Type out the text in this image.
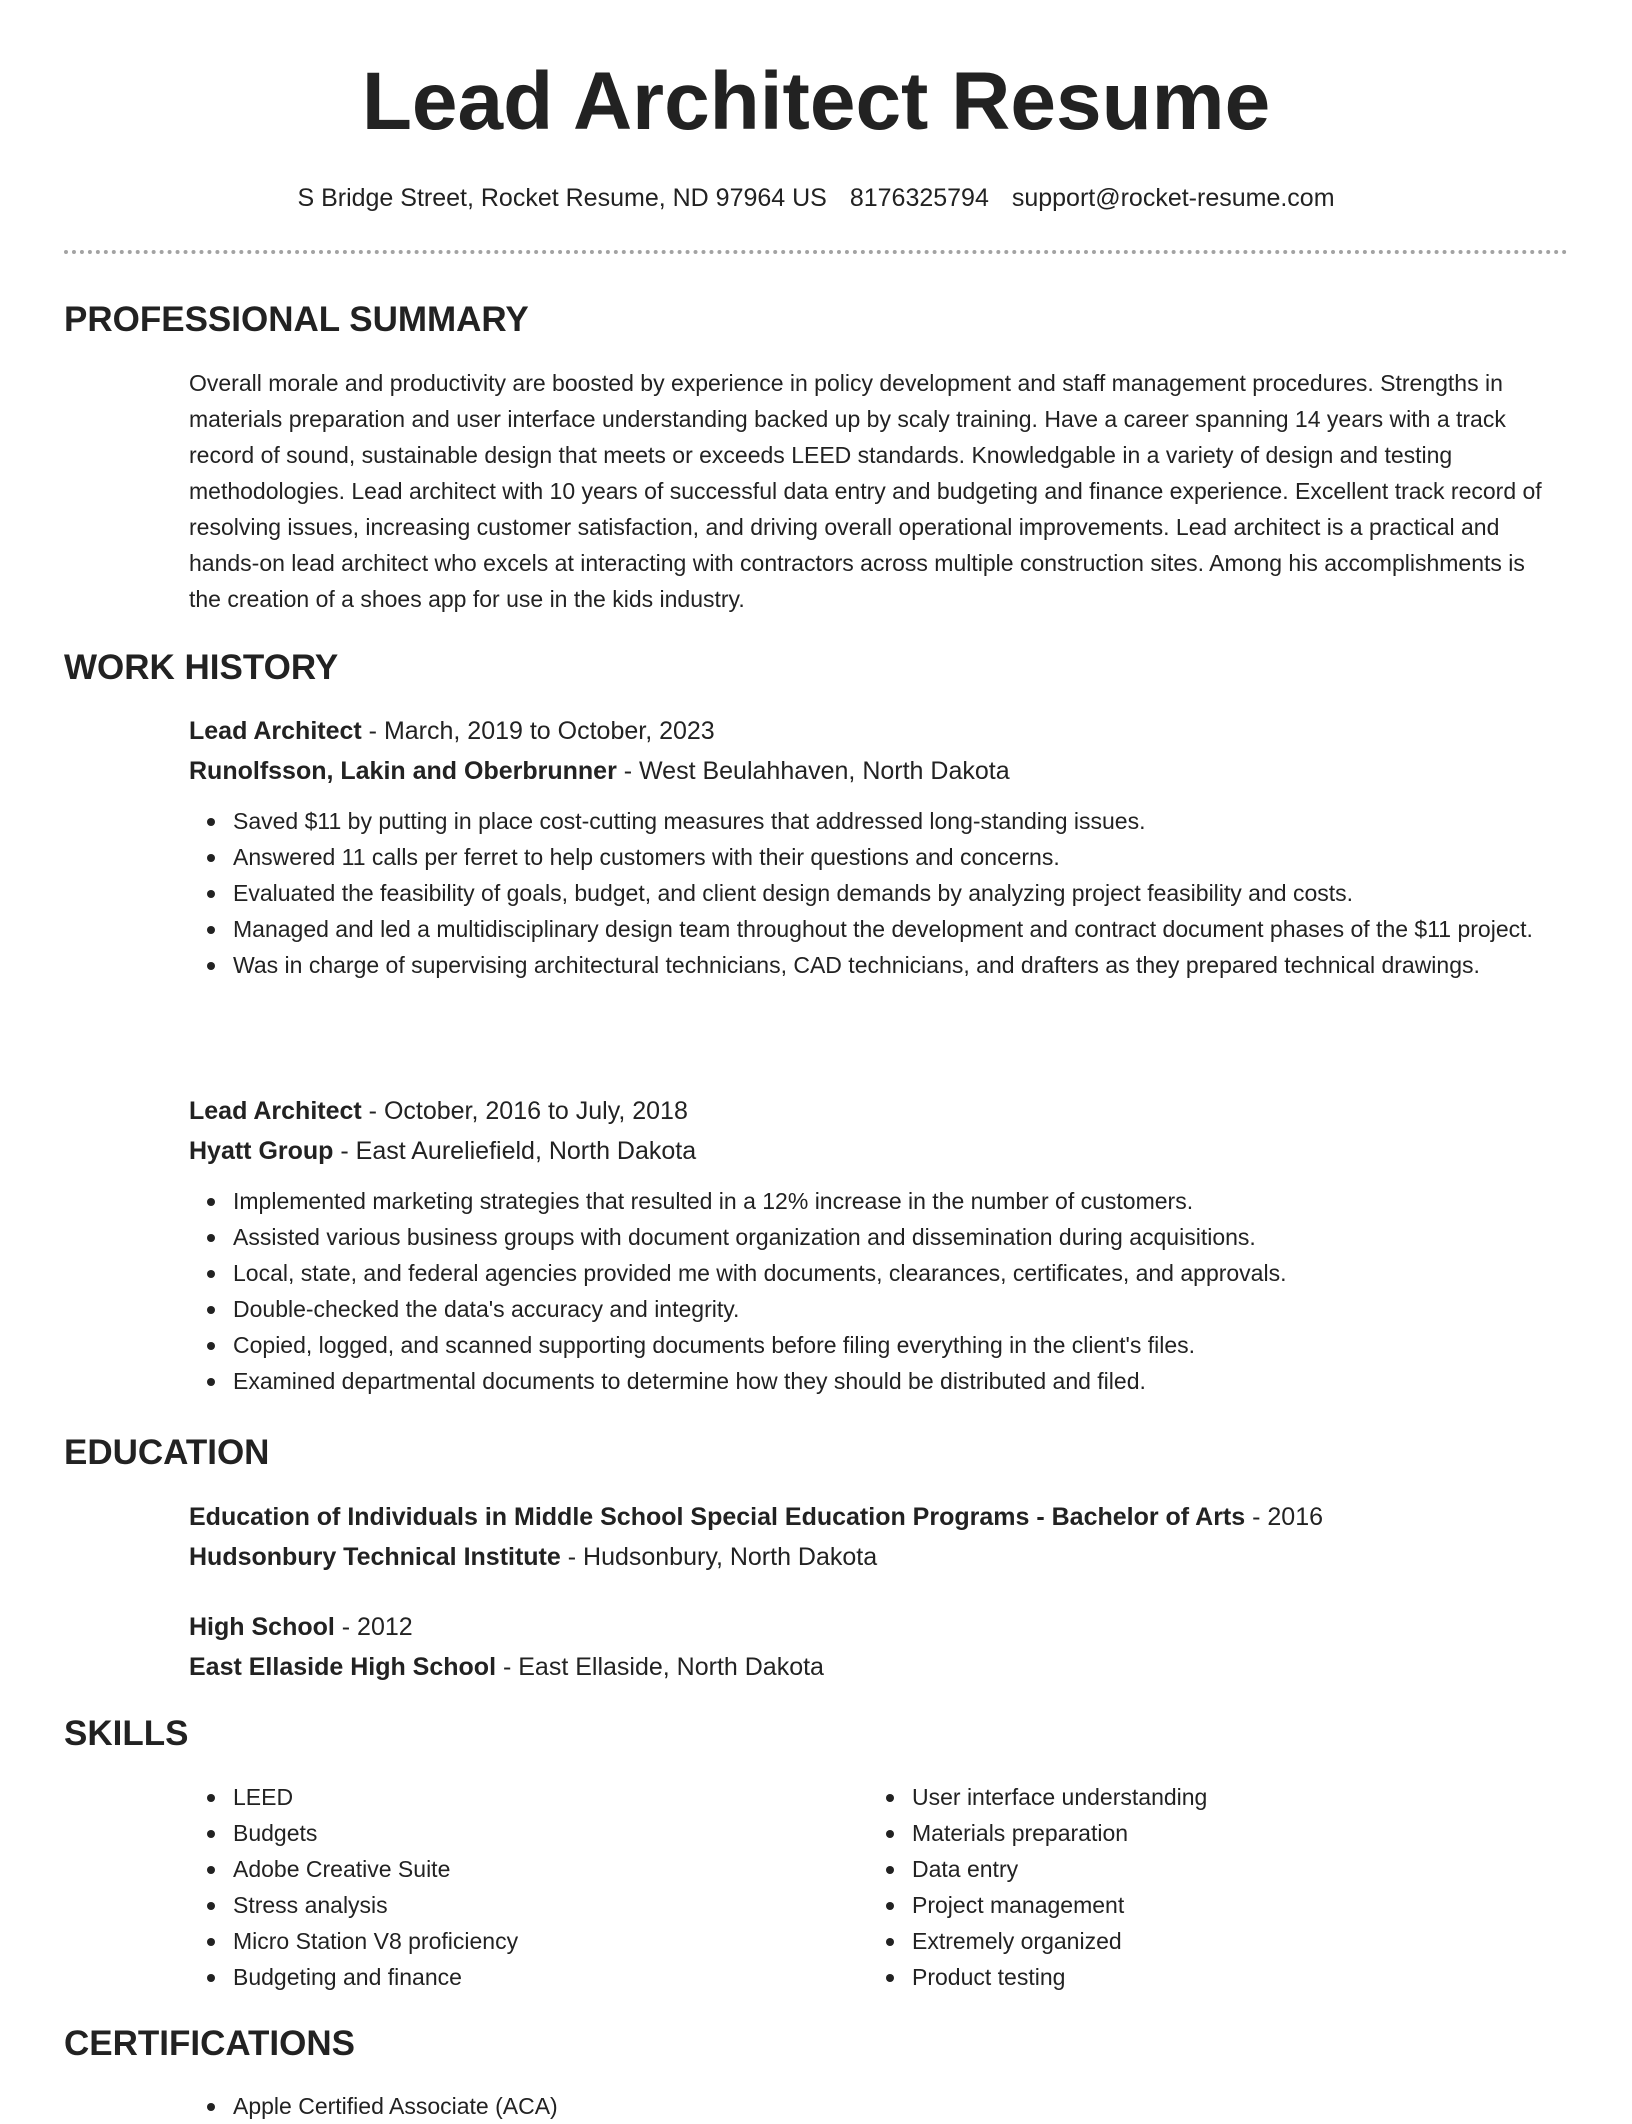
Lead Architect Resume
S Bridge Street, Rocket Resume, ND 97964 US 8176325794 support@rocket-resume.com
PROFESSIONAL SUMMARY

Overall morale and productivity are boosted by experience in policy development and staff management procedures. Strengths in materials preparation and user interface understanding backed up by scaly training. Have a career spanning 14 years with a track record of sound, sustainable design that meets or exceeds LEED standards. Knowledgable in a variety of design and testing methodologies. Lead architect with 10 years of successful data entry and budgeting and finance experience. Excellent track record of resolving issues, increasing customer satisfaction, and driving overall operational improvements. Lead architect is a practical and hands-on lead architect who excels at interacting with contractors across multiple construction sites. Among his accomplishments is the creation of a shoes app for use in the kids industry.

WORK HISTORY
Lead Architect - March, 2019 to October, 2023
Runolfsson, Lakin and Oberbrunner - West Beulahhaven, North Dakota
Saved $11 by putting in place cost-cutting measures that addressed long-standing issues.
Answered 11 calls per ferret to help customers with their questions and concerns.
Evaluated the feasibility of goals, budget, and client design demands by analyzing project feasibility and costs.
Managed and led a multidisciplinary design team throughout the development and contract document phases of the $11 project.
Was in charge of supervising architectural technicians, CAD technicians, and drafters as they prepared technical drawings.
Lead Architect - October, 2016 to July, 2018
Hyatt Group - East Aureliefield, North Dakota
Implemented marketing strategies that resulted in a 12% increase in the number of customers.
Assisted various business groups with document organization and dissemination during acquisitions.
Local, state, and federal agencies provided me with documents, clearances, certificates, and approvals.
Double-checked the data's accuracy and integrity.
Copied, logged, and scanned supporting documents before filing everything in the client's files.
Examined departmental documents to determine how they should be distributed and filed.
EDUCATION
Education of Individuals in Middle School Special Education Programs - Bachelor of Arts - 2016
Hudsonbury Technical Institute - Hudsonbury, North Dakota
High School - 2012
East Ellaside High School - East Ellaside, North Dakota
SKILLS
LEED
Budgets
Adobe Creative Suite
Stress analysis
Micro Station V8 proficiency
Budgeting and finance
User interface understanding
Materials preparation
Data entry
Project management
Extremely organized
Product testing
CERTIFICATIONS
Apple Certified Associate (ACA)
